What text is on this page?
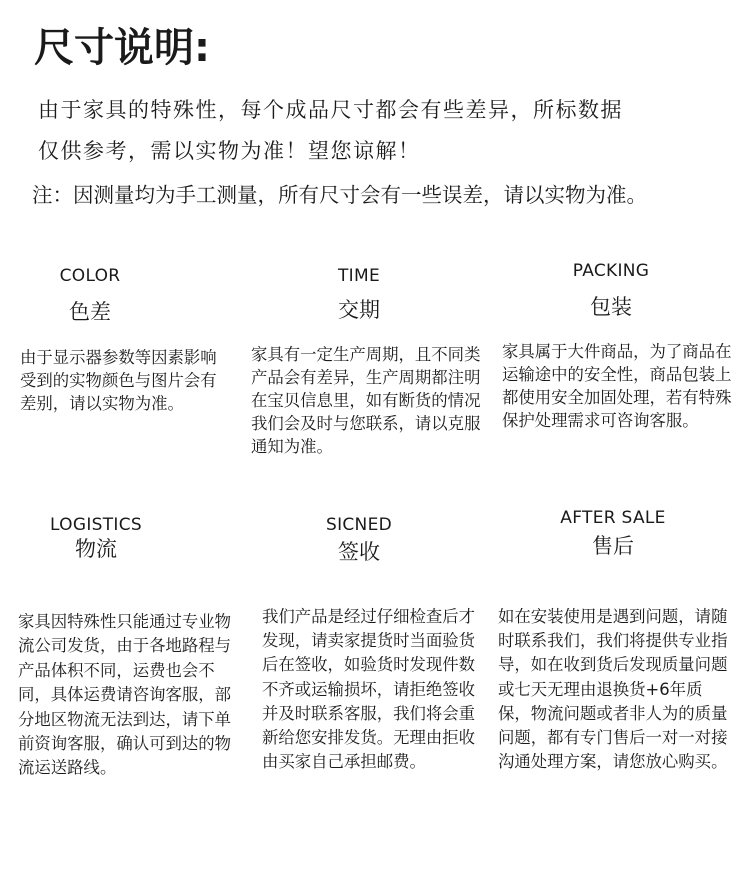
尺寸说明:
由于家具的特殊性，每个成品尺寸都会有些差异，所标数据
仅供参考，需以实物为准！望您谅解！
注：因测量均为手工测量，所有尺寸会有一些误差，请以实物为准。
COLOR
色差
由于显示器参数等因素影响受到的实物颜色与图片会有差别，请以实物为准。
TIME
交期
家具有一定生产周期，且不同类产品会有差异，生产周期都注明在宝贝信息里，如有断货的情况我们会及时与您联系，请以克服通知为准。
PACKING
包装
家具属于大件商品，为了商品在运输途中的安全性，商品包装上都使用安全加固处理，若有特殊保护处理需求可咨询客服。
LOGISTICS
物流
家具因特殊性只能通过专业物流公司发货，由于各地路程与产品体积不同，运费也会不同，具体运费请咨询客服，部分地区物流无法到达，请下单前资询客服，确认可到达的物流运送路线。
SICNED
签收
我们产品是经过仔细检查后才发现，请卖家提货时当面验货后在签收，如验货时发现件数不齐或运输损坏，请拒绝签收并及时联系客服，我们将会重新给您安排发货。无理由拒收由买家自己承担邮费。
AFTER SALE
售后
如在安装使用是遇到问题，请随时联系我们，我们将提供专业指导，如在收到货后发现质量问题或七天无理由退换货+6年质保，物流问题或者非人为的质量问题，都有专门售后一对一对接沟通处理方案，请您放心购买。
